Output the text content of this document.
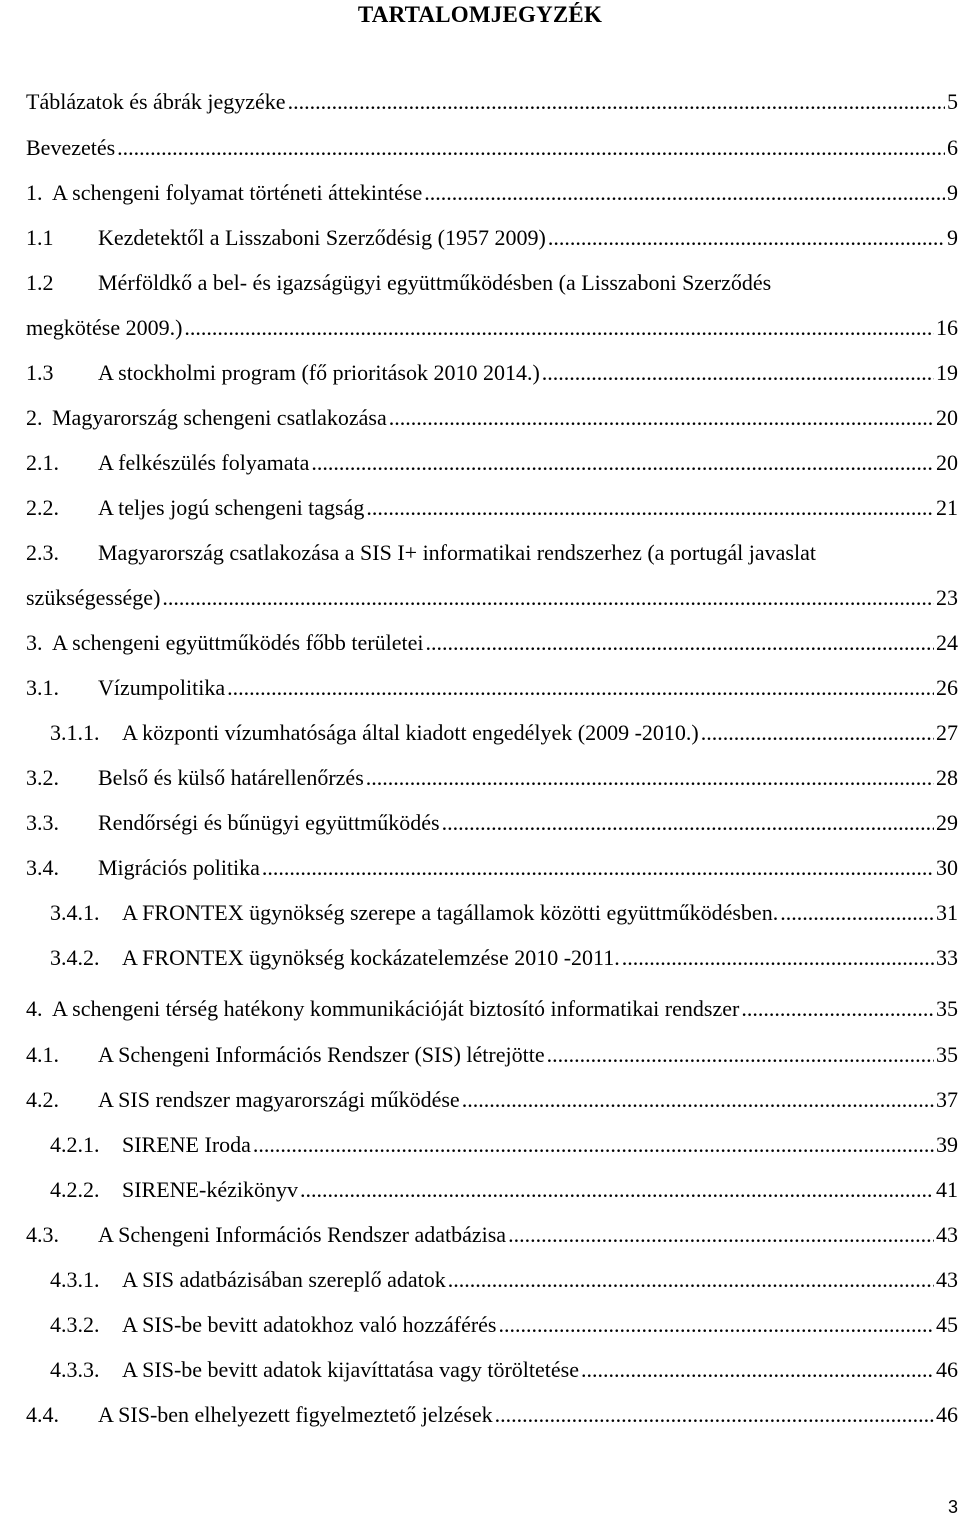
TARTALOMJEGYZÉK
Táblázatok és ábrák jegyzéke .....	5
Bevezetés .....	6
1. A schengeni folyamat történeti áttekintése .....	9
1.1	Kezdetektől a Lisszaboni Szerződésig (1957 2009) .....	9
1.2	Mérföldkő a bel- és igazságügyi együttműködésben (a Lisszaboni Szerződés
megkötése 2009.) .....	16
1.3	A stockholmi program (fő prioritások 2010 2014.) .....	19
2. Magyarország schengeni csatlakozása .....	20
2.1.	A felkészülés folyamata .....	20
2.2.	A teljes jogú schengeni tagság .....	21
2.3.	Magyarország csatlakozása a SIS I+ informatikai rendszerhez (a portugál javaslat
szükségessége) .....	23
3. A schengeni együttműködés főbb területei .....	24
3.1.	Vízumpolitika .....	26
3.1.1.	A központi vízumhatósága által kiadott engedélyek (2009 -2010.) .....	27
3.2.	Belső és külső határellenőrzés .....	28
3.3.	Rendőrségi és bűnügyi együttműködés .....	29
3.4.	Migrációs politika .....	30
3.4.1.	A FRONTEX ügynökség szerepe a tagállamok közötti együttműködésben. .....	31
3.4.2.	A FRONTEX ügynökség kockázatelemzése 2010 -2011. .....	33
4. A schengeni térség hatékony kommunikációját biztosító informatikai rendszer .....	35
4.1.	A Schengeni Információs Rendszer (SIS) létrejötte .....	35
4.2.	A SIS rendszer magyarországi működése .....	37
4.2.1.	SIRENE Iroda .....	39
4.2.2.	SIRENE-kézikönyv .....	41
4.3.	A Schengeni Információs Rendszer adatbázisa .....	43
4.3.1.	A SIS adatbázisában szereplő adatok .....	43
4.3.2.	A SIS-be bevitt adatokhoz való hozzáférés .....	45
4.3.3.	A SIS-be bevitt adatok kijavíttatása vagy töröltetése .....	46
4.4.	A SIS-ben elhelyezett figyelmeztető jelzések .....	46
3
